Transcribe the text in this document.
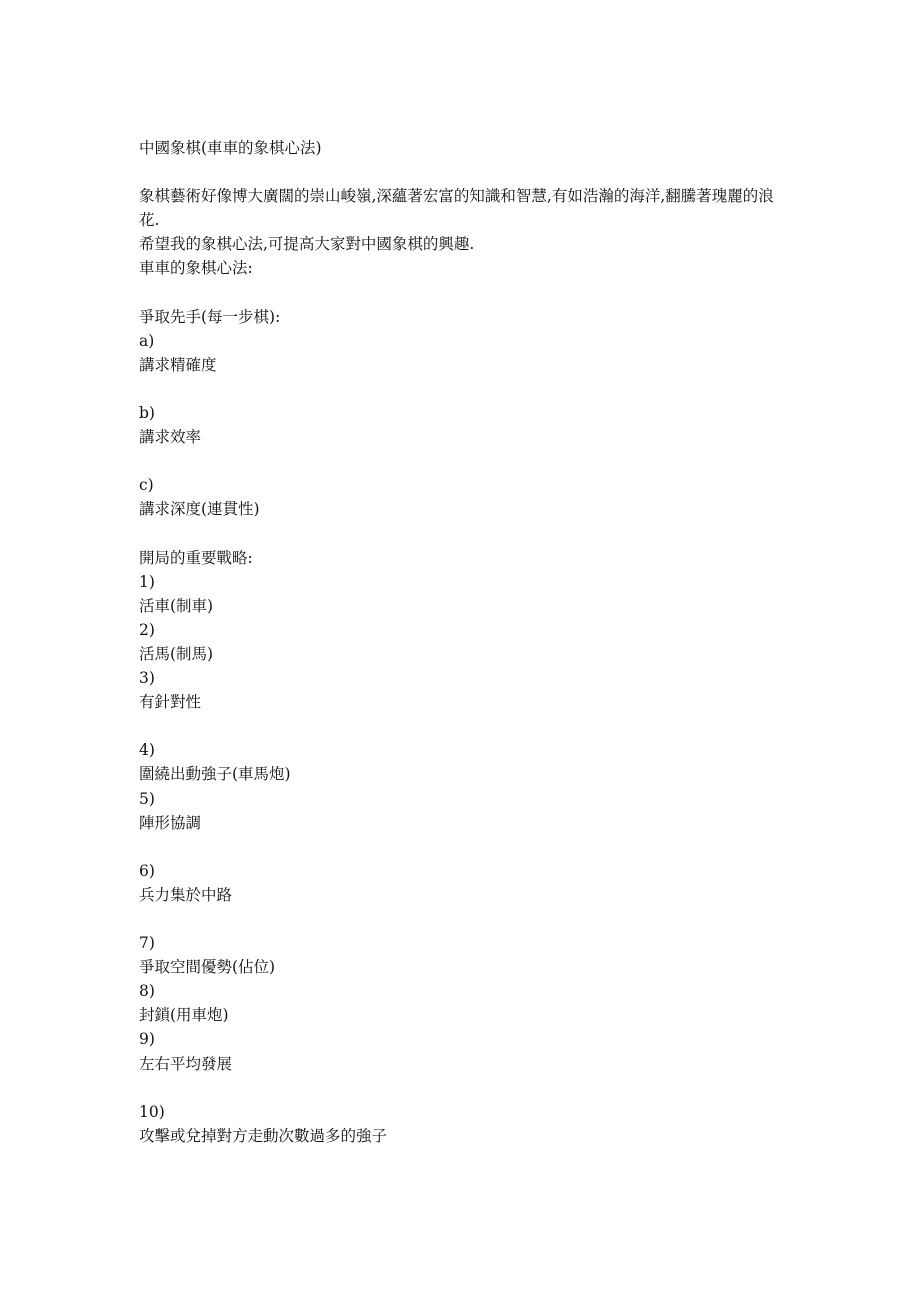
中國象棋(車車的象棋心法)
象棋藝術好像博大廣闊的崇山峻嶺,深蘊著宏富的知識和智慧,有如浩瀚的海洋,翻騰著瑰麗的浪花.
希望我的象棋心法,可提高大家對中國象棋的興趣.
車車的象棋心法:
爭取先手(每一步棋):
a)
講求精確度
b)
講求效率
c)
講求深度(連貫性)
開局的重要戰略:
1)
活車(制車)
2)
活馬(制馬)
3)
有針對性
4)
圍繞出動強子(車馬炮)
5)
陣形協調
6)
兵力集於中路
7)
爭取空間優勢(佔位)
8)
封鎖(用車炮)
9)
左右平均發展
10)
攻擊或兌掉對方走動次數過多的強子
